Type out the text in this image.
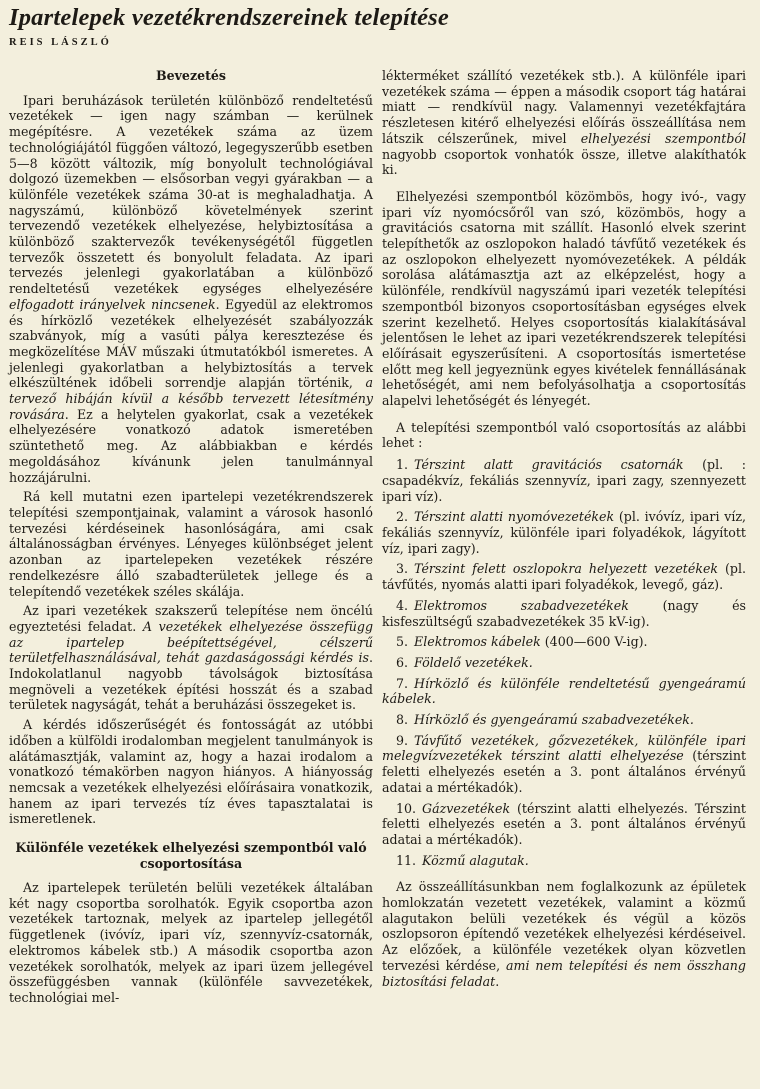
Ipartelepek vezetékrendszereinek telepítése
REIS LÁSZLÓ

Bevezetés

Ipari beruházások területén különböző rendeltetésű vezetékek — igen nagy számban — kerülnek megépítésre. A vezetékek száma az üzem technológiájától függően változó, legegyszerűbb esetben 5—8 között változik, míg bonyolult technológiával dolgozó üzemekben — elsősorban vegyi gyárakban — a különféle vezetékek száma 30-at is meghaladhatja. A nagyszámú, különböző követelmények szerint tervezendő vezetékek elhelyezése, helybiztosítása a különböző szaktervezők tevékenységétől független tervezők összetett és bonyolult feladata. Az ipari tervezés jelenlegi gyakorlatában a különböző rendeltetésű vezetékek egységes elhelyezésére elfogadott irányelvek nincsenek. Egyedül az elektromos és hírközlő vezetékek elhelyezését szabályozzák szabványok, míg a vasúti pálya keresztezése és megközelítése MÁV műszaki útmutatókból ismeretes. A jelenlegi gyakorlatban a helybiztosítás a tervek elkészültének időbeli sorrendje alapján történik, a tervező hibáján kívül a később tervezett létesítmény rovására. Ez a helytelen gyakorlat, csak a vezetékek elhelyezésére vonatkozó adatok ismeretében szüntethető meg. Az alábbiakban e kérdés megoldásához kívánunk jelen tanulmánnyal hozzájárulni.

Rá kell mutatni ezen ipartelepi vezetékrendszerek telepítési szempontjainak, valamint a városok hasonló tervezési kérdéseinek hasonlóságára, ami csak általánosságban érvényes. Lényeges különbséget jelent azonban az ipartelepeken vezetékek részére rendelkezésre álló szabadterületek jellege és a telepítendő vezetékek széles skálája.

Az ipari vezetékek szakszerű telepítése nem öncélú egyeztetési feladat. A vezetékek elhelyezése összefügg az ipartelep beépítettségével, célszerű területfelhasználásával, tehát gazdaságossági kérdés is. Indokolatlanul nagyobb távolságok biztosítása megnöveli a vezetékek építési hosszát és a szabad területek nagyságát, tehát a beruházási összegeket is.

A kérdés időszerűségét és fontosságát az utóbbi időben a külföldi irodalomban megjelent tanulmányok is alátámasztják, valamint az, hogy a hazai irodalom a vonatkozó témakörben nagyon hiányos. A hiányosság nemcsak a vezetékek elhelyezési előírásaira vonatkozik, hanem az ipari tervezés tíz éves tapasztalatai is ismeretlenek.

Különféle vezetékek elhelyezési szempontból való
csoportosítása

Az ipartelepek területén belüli vezetékek általában két nagy csoportba sorolhatók. Egyik csoportba azon vezetékek tartoznak, melyek az ipartelep jellegétől függetlenek (ivóvíz, ipari víz, szennyvíz-csatornák, elektromos kábelek stb.) A második csoportba azon vezetékek sorolhatók, melyek az ipari üzem jellegével összefüggésben vannak (különféle savvezetékek, technológiai mel-

lékterméket szállító vezetékek stb.). A különféle ipari vezetékek száma — éppen a második csoport tág határai miatt — rendkívül nagy. Valamennyi vezetékfajtára részletesen kitérő elhelyezési előírás összeállítása nem látszik célszerűnek, mivel elhelyezési szempontból nagyobb csoportok vonhatók össze, illetve alakíthatók ki.

Elhelyezési szempontból közömbös, hogy ivó-, vagy ipari víz nyomócsőről van szó, közömbös, hogy a gravitációs csatorna mit szállít. Hasonló elvek szerint telepíthetők az oszlopokon haladó távfűtő vezetékek és az oszlopokon elhelyezett nyomóvezetékek. A példák sorolása alátámasztja azt az elképzelést, hogy a különféle, rendkívül nagyszámú ipari vezeték telepítési szempontból bizonyos csoportosításban egységes elvek szerint kezelhető. Helyes csoportosítás kialakításával jelentősen le lehet az ipari vezetékrendszerek telepítési előírásait egyszerűsíteni. A csoportosítás ismertetése előtt meg kell jegyeznünk egyes kivételek fennállásának lehetőségét, ami nem befolyásolhatja a csoportosítás alapelvi lehetőségét és lényegét.

A telepítési szempontból való csoportosítás az alábbi lehet :

1. Térszint alatt gravitációs csatornák (pl. : csapadékvíz, fekáliás szennyvíz, ipari zagy, szennyezett ipari víz).
2. Térszint alatti nyomóvezetékek (pl. ivóvíz, ipari víz, fekáliás szennyvíz, különféle ipari folyadékok, lágyított víz, ipari zagy).
3. Térszint felett oszlopokra helyezett vezetékek (pl. távfűtés, nyomás alatti ipari folyadékok, levegő, gáz).
4. Elektromos szabadvezetékek (nagy és kisfeszültségű szabadvezetékek 35 kV-ig).
5. Elektromos kábelek (400—600 V-ig).
6. Földelő vezetékek.
7. Hírközlő és különféle rendeltetésű gyengeáramú kábelek.
8. Hírközlő és gyengeáramú szabadvezetékek.
9. Távfűtő vezetékek, gőzvezetékek, különféle ipari melegvízvezetékek térszint alatti elhelyezése (térszint feletti elhelyezés esetén a 3. pont általános érvényű adatai a mértékadók).
10. Gázvezetékek (térszint alatti elhelyezés. Térszint feletti elhelyezés esetén a 3. pont általános érvényű adatai a mértékadók).
11. Közmű alagutak.

Az összeállításunkban nem foglalkozunk az épületek homlokzatán vezetett vezetékek, valamint a közmű alagutakon belüli vezetékek és végül a közös oszlopsoron építendő vezetékek elhelyezési kérdéseivel. Az előzőek, a különféle vezetékek olyan közvetlen tervezési kérdése, ami nem telepítési és nem összhang biztosítási feladat.
